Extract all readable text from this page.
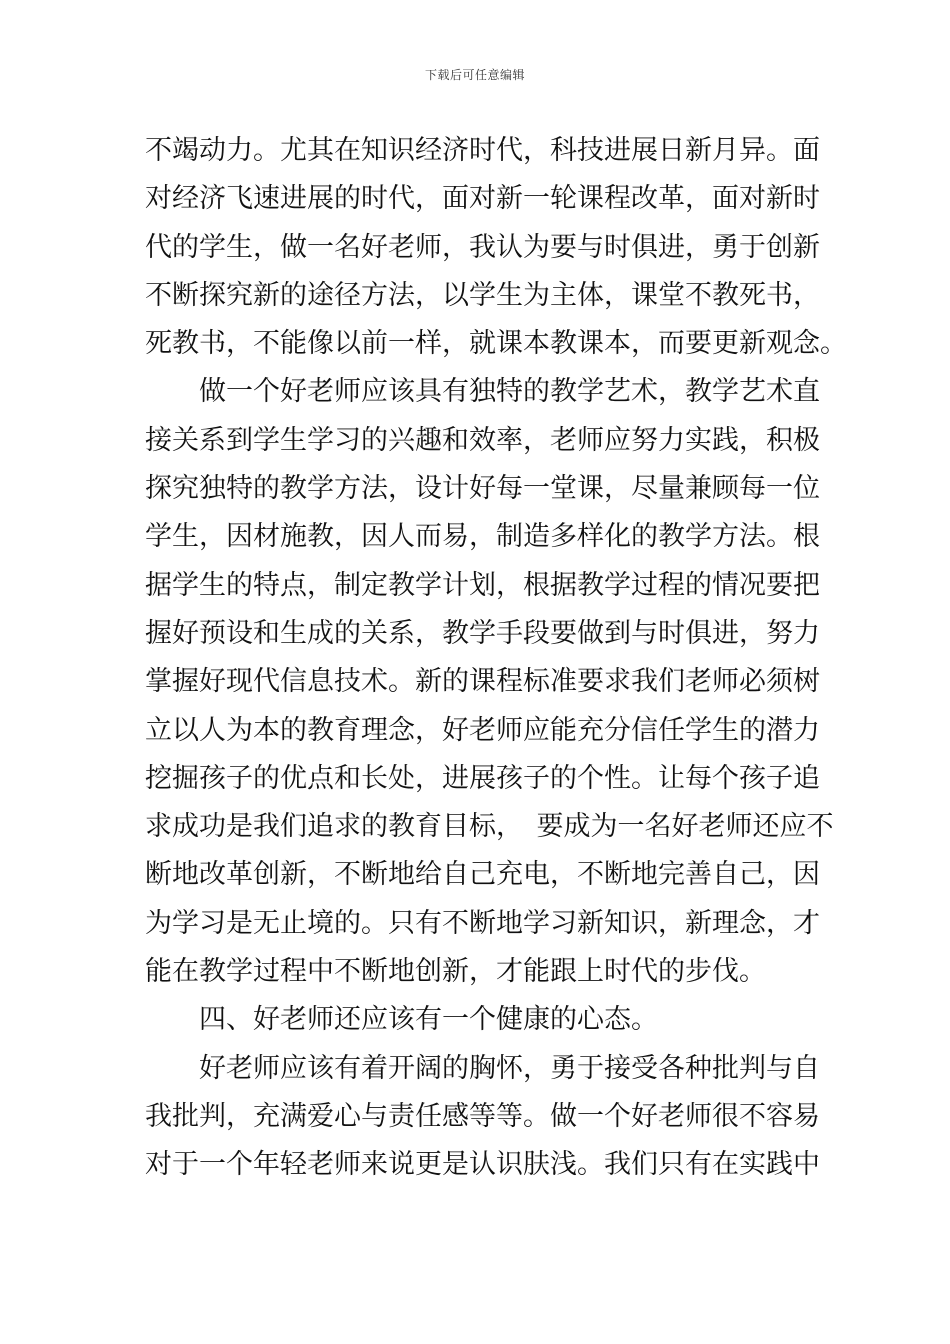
下载后可任意编辑
不竭动力。尤其在知识经济时代，科技进展日新月异。面
对经济飞速进展的时代，面对新一轮课程改革，面对新时
代的学生，做一名好老师，我认为要与时俱进，勇于创新
不断探究新的途径方法，以学生为主体，课堂不教死书，
死教书，不能像以前一样，就课本教课本，而要更新观念。
做一个好老师应该具有独特的教学艺术，教学艺术直
接关系到学生学习的兴趣和效率，老师应努力实践，积极
探究独特的教学方法，设计好每一堂课，尽量兼顾每一位
学生，因材施教，因人而易，制造多样化的教学方法。根
据学生的特点，制定教学计划，根据教学过程的情况要把
握好预设和生成的关系，教学手段要做到与时俱进，努力
掌握好现代信息技术。新的课程标准要求我们老师必须树
立以人为本的教育理念，好老师应能充分信任学生的潜力
挖掘孩子的优点和长处，进展孩子的个性。让每个孩子追
求成功是我们追求的教育目标，　要成为一名好老师还应不
断地改革创新，不断地给自己充电，不断地完善自己，因
为学习是无止境的。只有不断地学习新知识，新理念，才
能在教学过程中不断地创新，才能跟上时代的步伐。
四、好老师还应该有一个健康的心态。
好老师应该有着开阔的胸怀，勇于接受各种批判与自
我批判，充满爱心与责任感等等。做一个好老师很不容易
对于一个年轻老师来说更是认识肤浅。我们只有在实践中
